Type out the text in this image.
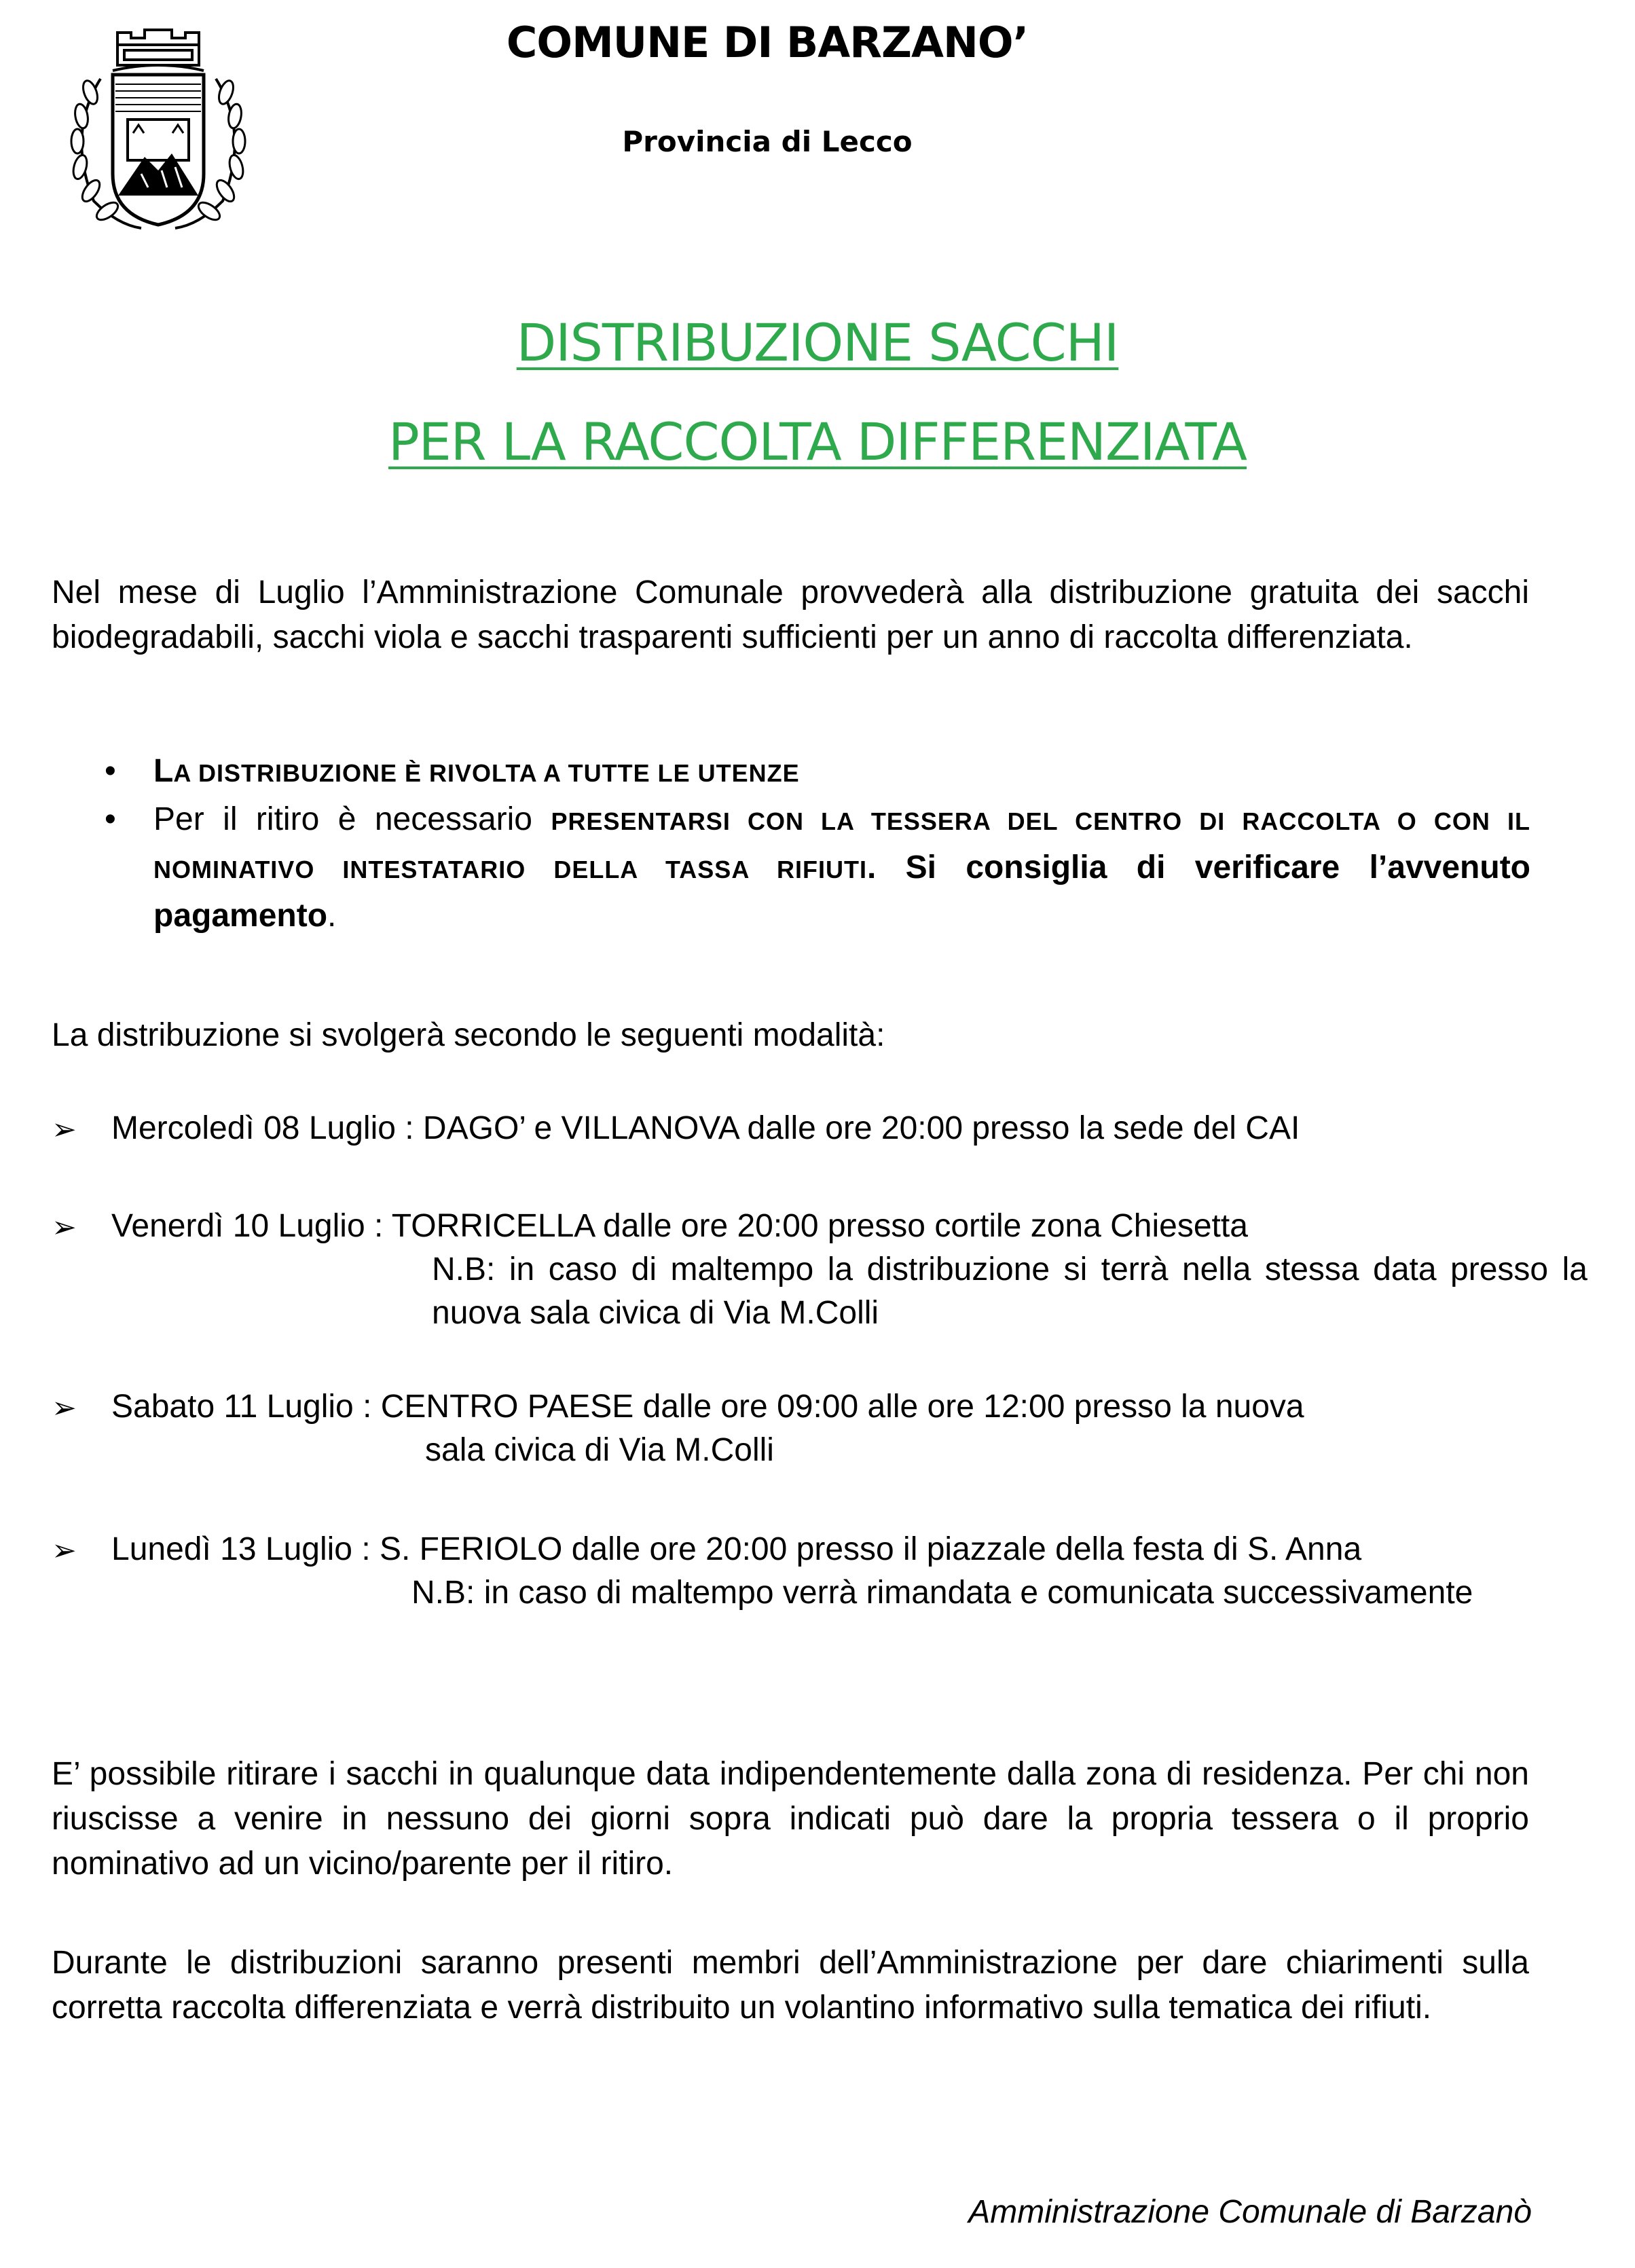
COMUNE DI BARZANO’
Provincia di Lecco
DISTRIBUZIONE SACCHI
PER LA RACCOLTA DIFFERENZIATA
Nel mese di Luglio l’Amministrazione Comunale provvederà alla distribuzione gratuita dei sacchi biodegradabili, sacchi viola e sacchi trasparenti sufficienti per un anno di raccolta differenziata.
• LA DISTRIBUZIONE È RIVOLTA A TUTTE LE UTENZE
• Per il ritiro è necessario PRESENTARSI CON LA TESSERA DEL CENTRO DI RACCOLTA O CON IL NOMINATIVO INTESTATARIO DELLA TASSA RIFIUTI. Si consiglia di verificare l’avvenuto pagamento.
La distribuzione si svolgerà secondo le seguenti modalità:
➢ Mercoledì 08 Luglio : DAGO’ e VILLANOVA dalle ore 20:00 presso la sede del CAI
➢ Venerdì 10 Luglio : TORRICELLA dalle ore 20:00 presso cortile zona Chiesetta
N.B: in caso di maltempo la distribuzione si terrà nella stessa data presso la nuova sala civica di Via M.Colli
➢ Sabato 11 Luglio : CENTRO PAESE dalle ore 09:00 alle ore 12:00 presso la nuova
sala civica di Via M.Colli
➢ Lunedì 13 Luglio : S. FERIOLO dalle ore 20:00 presso il piazzale della festa di S. Anna
N.B: in caso di maltempo verrà rimandata e comunicata successivamente
E’ possibile ritirare i sacchi in qualunque data indipendentemente dalla zona di residenza. Per chi non riuscisse a venire in nessuno dei giorni sopra indicati può dare la propria tessera o il proprio nominativo ad un vicino/parente per il ritiro.
Durante le distribuzioni saranno presenti membri dell’Amministrazione per dare chiarimenti sulla corretta raccolta differenziata e verrà distribuito un volantino informativo sulla tematica dei rifiuti.
Amministrazione Comunale di Barzanò
